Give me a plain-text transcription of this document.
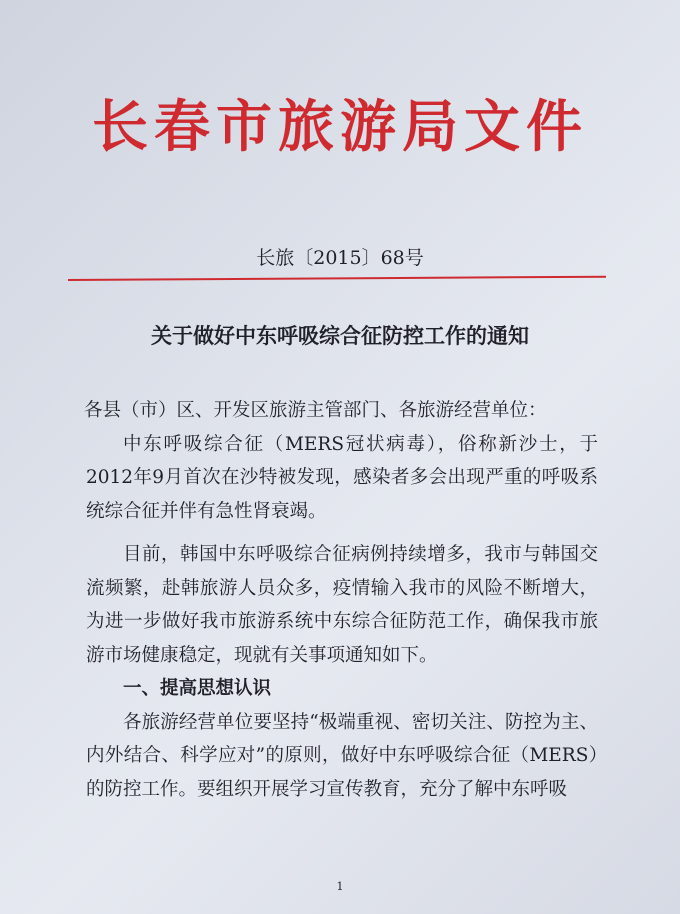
长春市旅游局文件
长旅〔2015〕68号
关于做好中东呼吸综合征防控工作的通知

各县（市）区、开发区旅游主管部门、各旅游经营单位：

中东呼吸综合征（MERS冠状病毒），俗称新沙士，于2012年9月首次在沙特被发现，感染者多会出现严重的呼吸系统综合征并伴有急性肾衰竭。

目前，韩国中东呼吸综合征病例持续增多，我市与韩国交流频繁，赴韩旅游人员众多，疫情输入我市的风险不断增大，为进一步做好我市旅游系统中东综合征防范工作，确保我市旅游市场健康稳定，现就有关事项通知如下。

一、提高思想认识

各旅游经营单位要坚持“极端重视、密切关注、防控为主、内外结合、科学应对”的原则，做好中东呼吸综合征（MERS）的防控工作。要组织开展学习宣传教育，充分了解中东呼吸

1
